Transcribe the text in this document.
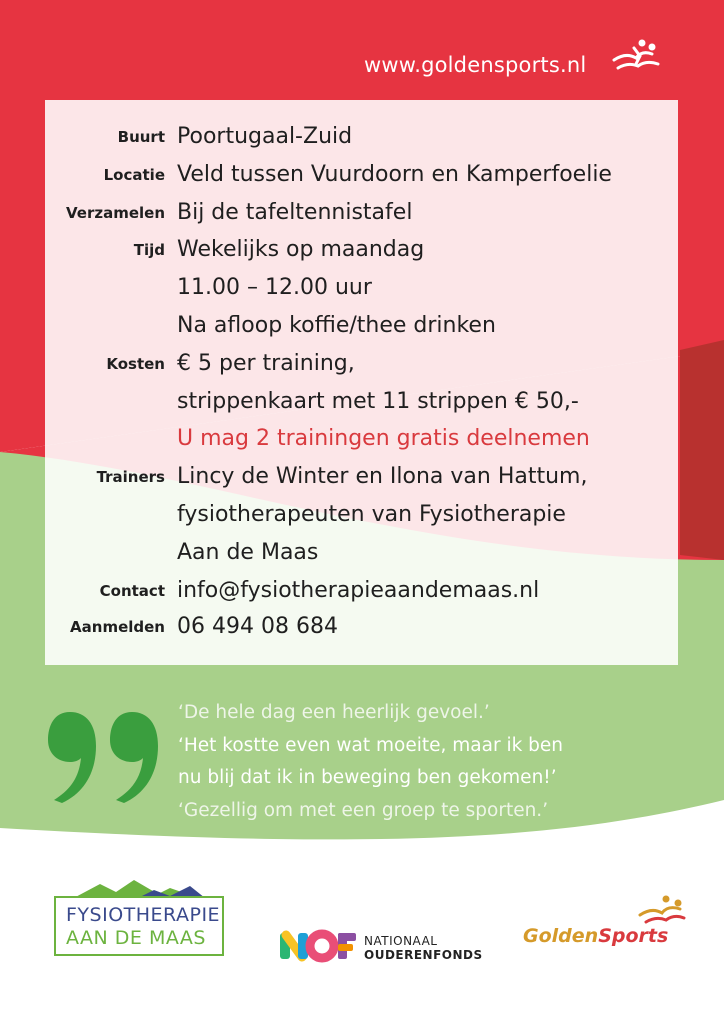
www.goldensports.nl
Buurt Poortugaal-Zuid
Locatie Veld tussen Vuurdoorn en Kamperfoelie
Verzamelen Bij de tafeltennistafel
Tijd Wekelijks op maandag
11.00 – 12.00 uur
Na afloop koffie/thee drinken
Kosten € 5 per training,
strippenkaart met 11 strippen € 50,-
U mag 2 trainingen gratis deelnemen
Trainers Lincy de Winter en Ilona van Hattum,
fysiotherapeuten van Fysiotherapie
Aan de Maas
Contact info@fysiotherapieaandemaas.nl
Aanmelden 06 494 08 684
‘De hele dag een heerlijk gevoel.’
‘Het kostte even wat moeite, maar ik ben
nu blij dat ik in beweging ben gekomen!’
‘Gezellig om met een groep te sporten.’
FYSIOTHERAPIE
AAN DE MAAS	NATIONAAL
OUDERENFONDS
GoldenSports
